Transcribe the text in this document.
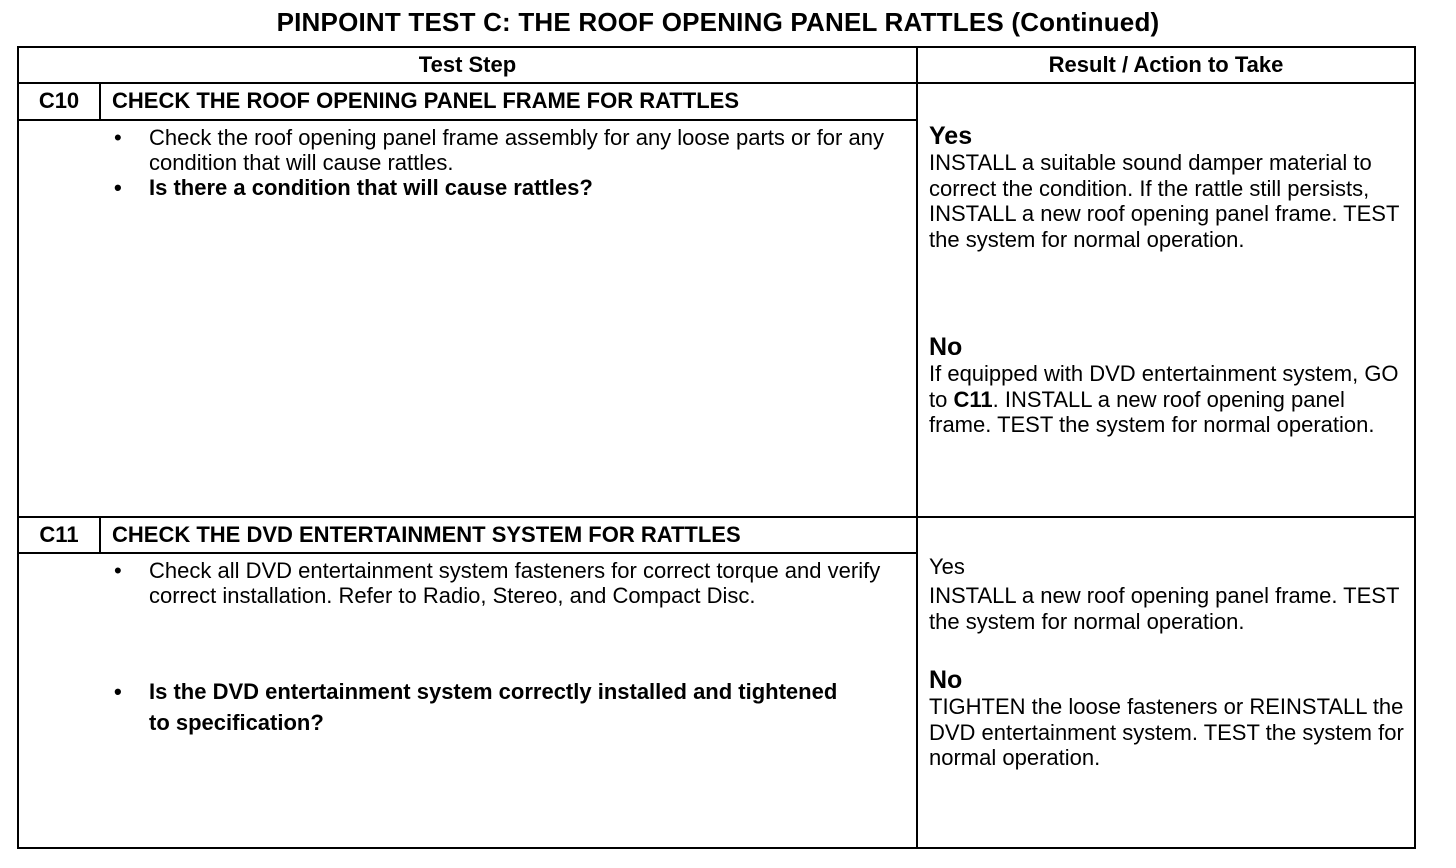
PINPOINT TEST C: THE ROOF OPENING PANEL RATTLES (Continued)
Test Step	Result / Action to Take
C10	CHECK THE ROOF OPENING PANEL FRAME FOR RATTLES
• Check the roof opening panel frame assembly for any loose parts or for any condition that will cause rattles.
• Is there a condition that will cause rattles?
Yes
INSTALL a suitable sound damper material to correct the condition. If the rattle still persists, INSTALL a new roof opening panel frame. TEST the system for normal operation.
No
If equipped with DVD entertainment system, GO to C11. INSTALL a new roof opening panel frame. TEST the system for normal operation.
C11	CHECK THE DVD ENTERTAINMENT SYSTEM FOR RATTLES
• Check all DVD entertainment system fasteners for correct torque and verify correct installation. Refer to Radio, Stereo, and Compact Disc.
• Is the DVD entertainment system correctly installed and tightened to specification?
Yes
INSTALL a new roof opening panel frame. TEST the system for normal operation.
No
TIGHTEN the loose fasteners or REINSTALL the DVD entertainment system. TEST the system for normal operation.
